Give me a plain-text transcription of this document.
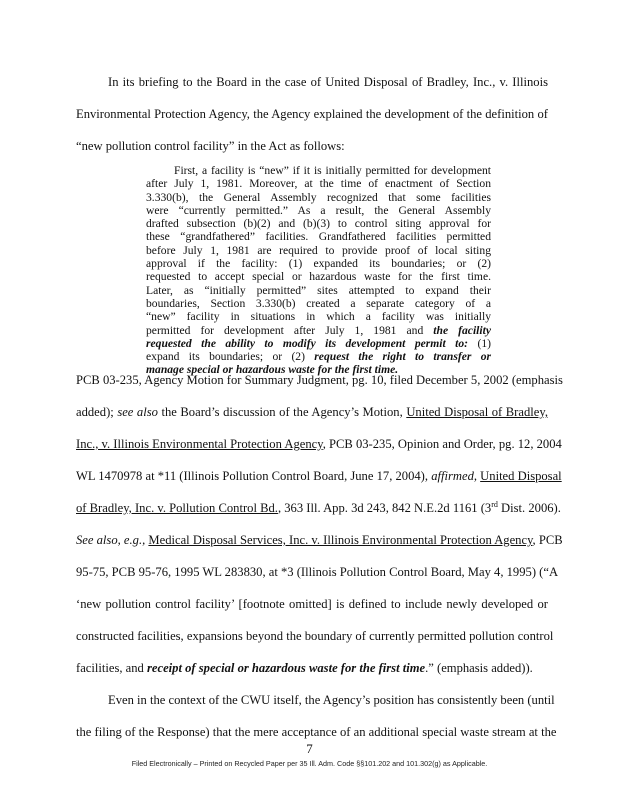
In its briefing to the Board in the case of United Disposal of Bradley, Inc., v. Illinois
Environmental Protection Agency, the Agency explained the development of the definition of
“new pollution control facility” in the Act as follows:
First, a facility is “new” if it is initially permitted for development
after July 1, 1981. Moreover, at the time of enactment of Section
3.330(b), the General Assembly recognized that some facilities
were “currently permitted.” As a result, the General Assembly
drafted subsection (b)(2) and (b)(3) to control siting approval for
these “grandfathered” facilities. Grandfathered facilities permitted
before July 1, 1981 are required to provide proof of local siting
approval if the facility: (1) expanded its boundaries; or (2)
requested to accept special or hazardous waste for the first time.
Later, as “initially permitted” sites attempted to expand their
boundaries, Section 3.330(b) created a separate category of a
“new” facility in situations in which a facility was initially
permitted for development after July 1, 1981 and the facility
requested the ability to modify its development permit to: (1)
expand its boundaries; or (2) request the right to transfer or
manage special or hazardous waste for the first time.
PCB 03-235, Agency Motion for Summary Judgment, pg. 10, filed December 5, 2002 (emphasis
added); see also the Board’s discussion of the Agency’s Motion, United Disposal of Bradley,
Inc., v. Illinois Environmental Protection Agency, PCB 03-235, Opinion and Order, pg. 12, 2004
WL 1470978 at *11 (Illinois Pollution Control Board, June 17, 2004), affirmed, United Disposal
of Bradley, Inc. v. Pollution Control Bd., 363 Ill. App. 3d 243, 842 N.E.2d 1161 (3rd Dist. 2006).
See also, e.g., Medical Disposal Services, Inc. v. Illinois Environmental Protection Agency, PCB
95-75, PCB 95-76, 1995 WL 283830, at *3 (Illinois Pollution Control Board, May 4, 1995) (“A
‘new pollution control facility’ [footnote omitted] is defined to include newly developed or
constructed facilities, expansions beyond the boundary of currently permitted pollution control
facilities, and receipt of special or hazardous waste for the first time.” (emphasis added)).
Even in the context of the CWU itself, the Agency’s position has consistently been (until
the filing of the Response) that the mere acceptance of an additional special waste stream at the
7
Filed Electronically – Printed on Recycled Paper per 35 Ill. Adm. Code §§101.202 and 101.302(g) as Applicable.
